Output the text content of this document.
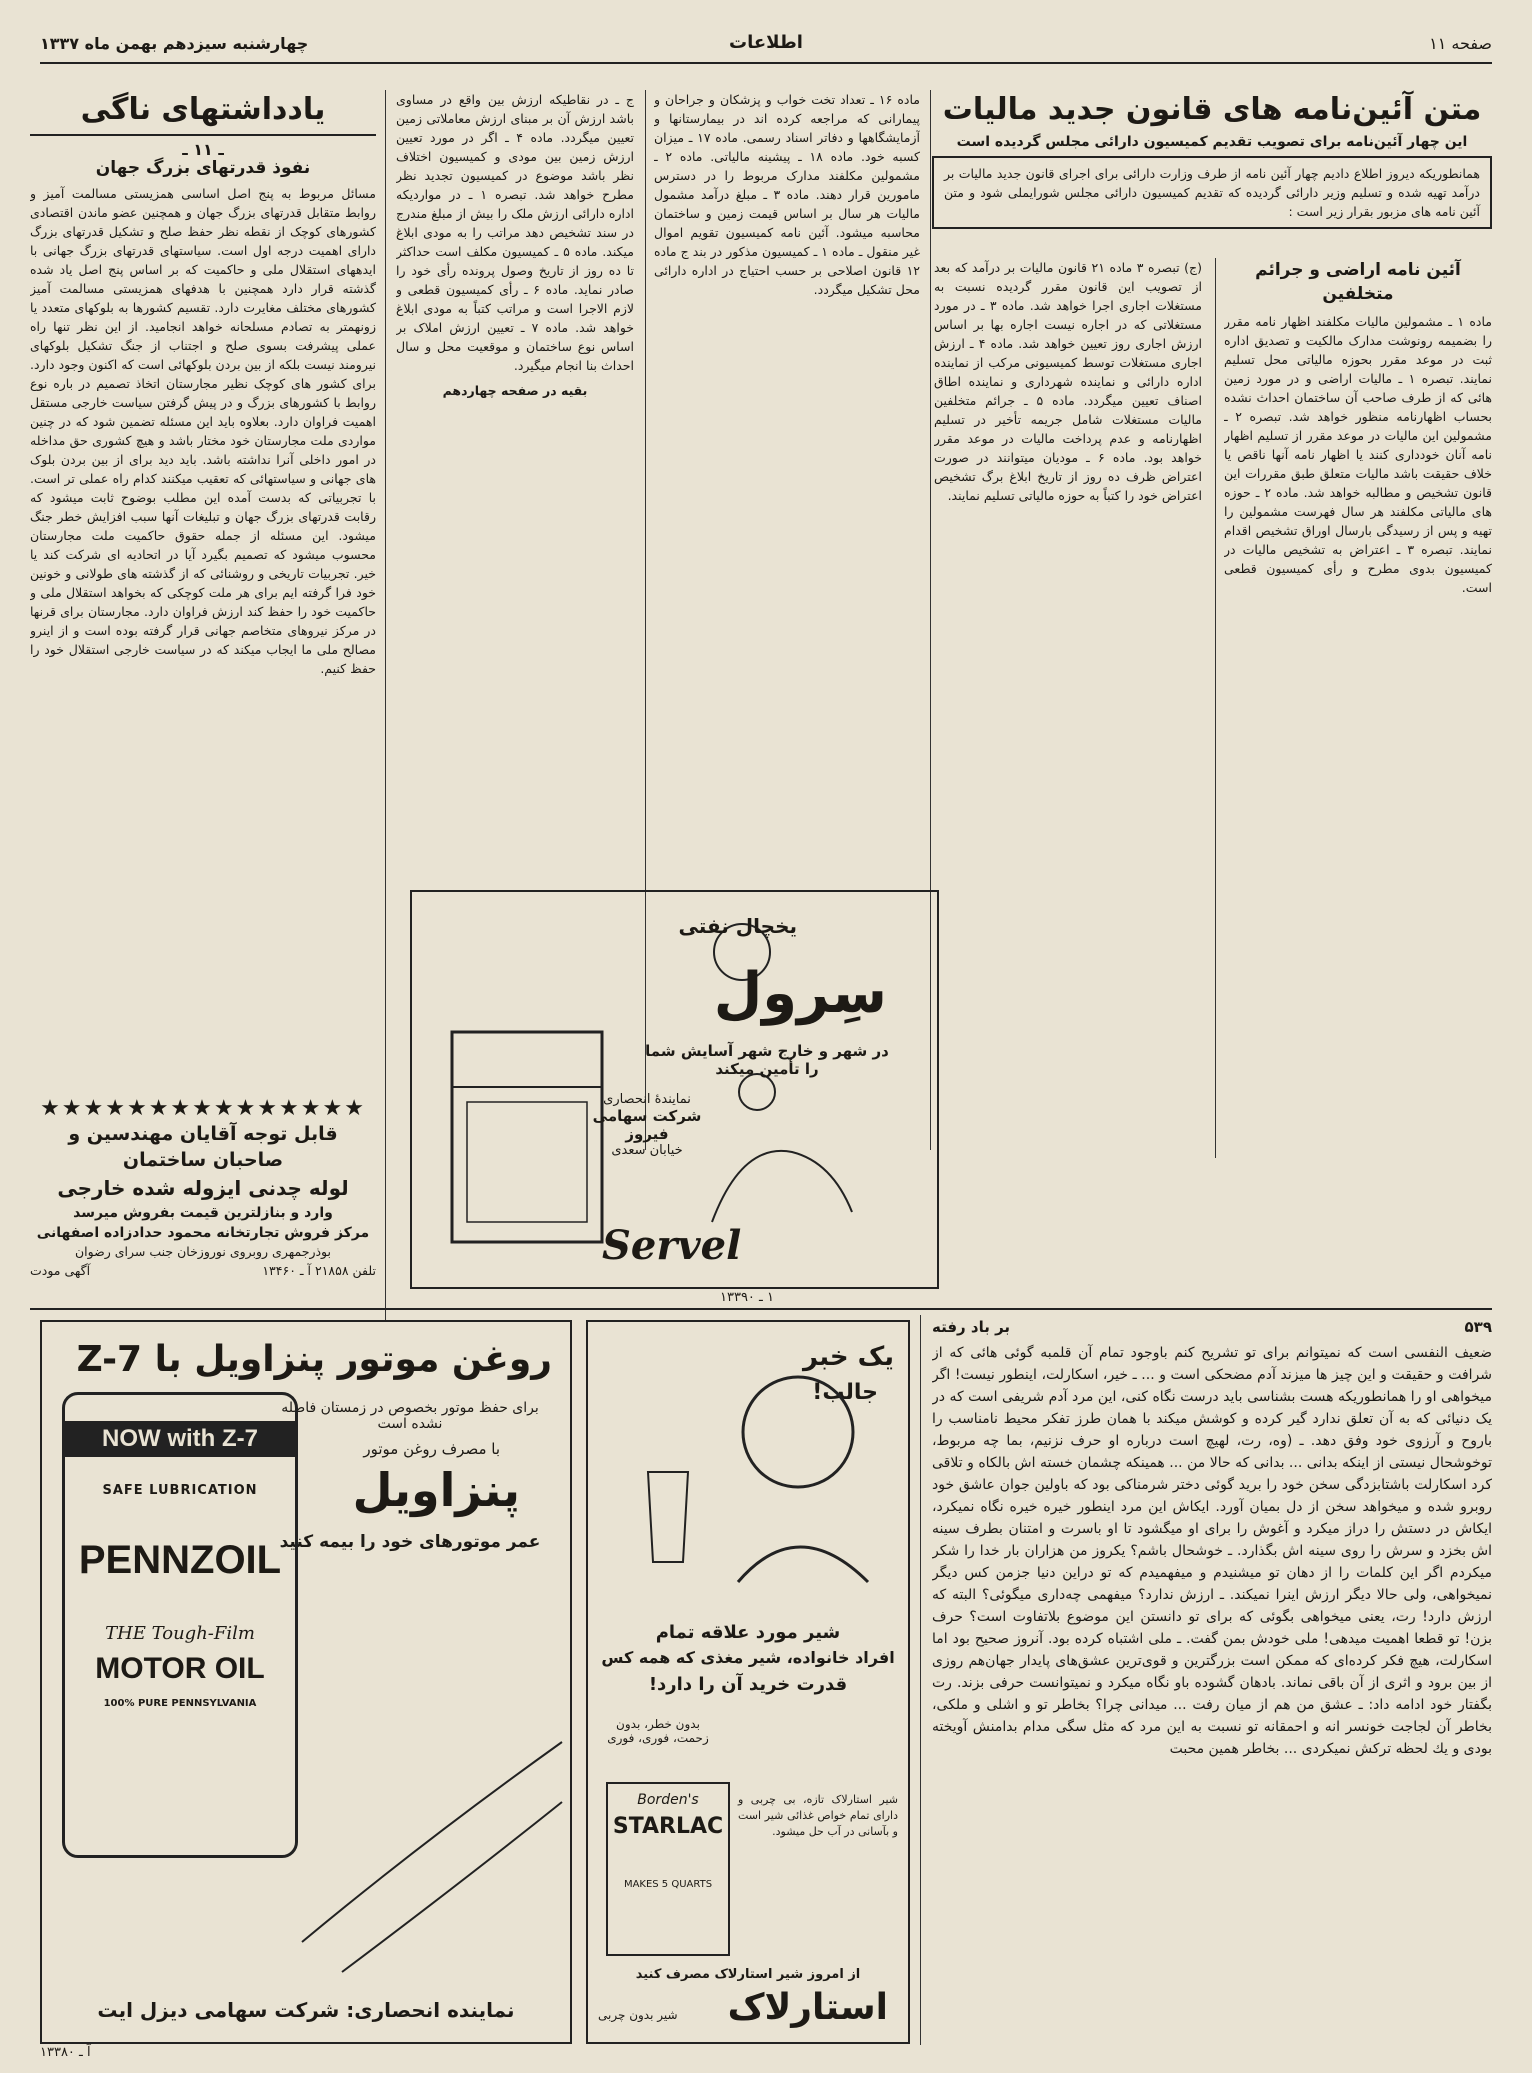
صفحه ۱۱
اطلاعات
چهارشنبه سیزدهم بهمن ماه ۱۳۳۷
متن آئین‌نامه های قانون جدید مالیات
این چهار آئین‌نامه برای تصویب تقدیم کمیسیون دارائی مجلس گردیده است
همانطوریکه دیروز اطلاع دادیم چهار آئین نامه از طرف وزارت دارائی برای اجرای قانون جدید مالیات بر درآمد تهیه شده و تسلیم وزیر دارائی گردیده که تقدیم کمیسیون دارائی مجلس شورایملی شود و متن آئین نامه های مزبور بقرار زیر است :
آئین نامه اراضی و جرائم متخلفین

ماده ۱ ـ مشمولین مالیات مکلفند اظهار نامه مقرر را بضمیمه رونوشت مدارک مالکیت و تصدیق اداره ثبت در موعد مقرر بحوزه مالیاتی محل تسلیم نمایند. تبصره ۱ ـ مالیات اراضی و در مورد زمین هائی که از طرف صاحب آن ساختمان احداث نشده بحساب اظهارنامه منظور خواهد شد. تبصره ۲ ـ مشمولین این مالیات در موعد مقرر از تسلیم اظهار نامه آنان خودداری کنند یا اظهار نامه آنها ناقص یا خلاف حقیقت باشد مالیات متعلق طبق مقررات این قانون تشخیص و مطالبه خواهد شد. ماده ۲ ـ حوزه های مالیاتی مکلفند هر سال فهرست مشمولین را تهیه و پس از رسیدگی بارسال اوراق تشخیص اقدام نمایند. تبصره ۳ ـ اعتراض به تشخیص مالیات در کمیسیون بدوی مطرح و رأی کمیسیون قطعی است.

(ج) تبصره ۳ ماده ۲۱ قانون مالیات بر درآمد که بعد از تصویب این قانون مقرر گردیده نسبت به مستغلات اجاری اجرا خواهد شد. ماده ۳ ـ در مورد مستغلاتی که در اجاره نیست اجاره بها بر اساس ارزش اجاری روز تعیین خواهد شد. ماده ۴ ـ ارزش اجاری مستغلات توسط کمیسیونی مرکب از نماینده اداره دارائی و نماینده شهرداری و نماینده اطاق اصناف تعیین میگردد. ماده ۵ ـ جرائم متخلفین مالیات مستغلات شامل جریمه تأخیر در تسلیم اظهارنامه و عدم پرداخت مالیات در موعد مقرر خواهد بود. ماده ۶ ـ مودیان میتوانند در صورت اعتراض ظرف ده روز از تاریخ ابلاغ برگ تشخیص اعتراض خود را کتباً به حوزه مالیاتی تسلیم نمایند.

ماده ۱۶ ـ تعداد تخت خواب و پزشکان و جراحان و پیمارانی که مراجعه کرده اند در بیمارستانها و آزمایشگاهها و دفاتر اسناد رسمی. ماده ۱۷ ـ میزان کسبه خود. ماده ۱۸ ـ پیشینه مالیاتی. ماده ۲ ـ مشمولین مکلفند مدارک مربوط را در دسترس مامورین قرار دهند. ماده ۳ ـ مبلغ درآمد مشمول مالیات هر سال بر اساس قیمت زمین و ساختمان محاسبه میشود. آئین نامه کمیسیون تقویم اموال غیر منقول ـ ماده ۱ ـ کمیسیون مذکور در بند ج ماده ۱۲ قانون اصلاحی بر حسب احتیاج در اداره دارائی محل تشکیل میگردد.

ج ـ در نقاطیکه ارزش بین واقع در مساوی باشد ارزش آن بر مبنای ارزش معاملاتی زمین تعیین میگردد. ماده ۴ ـ اگر در مورد تعیین ارزش زمین بین مودی و کمیسیون اختلاف نظر باشد موضوع در کمیسیون تجدید نظر مطرح خواهد شد. تبصره ۱ ـ در مواردیکه اداره دارائی ارزش ملک را بیش از مبلغ مندرج در سند تشخیص دهد مراتب را به مودی ابلاغ میکند. ماده ۵ ـ کمیسیون مکلف است حداکثر تا ده روز از تاریخ وصول پرونده رأی خود را صادر نماید. ماده ۶ ـ رأی کمیسیون قطعی و لازم الاجرا است و مراتب کتباً به مودی ابلاغ خواهد شد. ماده ۷ ـ تعیین ارزش املاک بر اساس نوع ساختمان و موقعیت محل و سال احداث بنا انجام میگیرد.

بقیه در صفحه چهاردهم
یادداشتهای ناگی
ـ ۱۱ ـ
نفوذ قدرتهای بزرگ جهان

مسائل مربوط به پنج اصل اساسی همزیستی مسالمت آمیز و روابط متقابل قدرتهای بزرگ جهان و همچنین عضو ماندن اقتصادی کشورهای کوچک از نقطه نظر حفظ صلح و تشکیل قدرتهای بزرگ دارای اهمیت درجه اول است. سیاستهای قدرتهای بزرگ جهانی با ایدههای استقلال ملی و حاکمیت که بر اساس پنج اصل یاد شده گذشته قرار دارد همچنین با هدفهای همزیستی مسالمت آمیز کشورهای مختلف مغایرت دارد. تقسیم کشورها به بلوکهای متعدد یا زونهمتر به تصادم مسلحانه خواهد انجامید. از این نظر تنها راه عملی پیشرفت بسوی صلح و اجتناب از جنگ تشکیل بلوکهای نیرومند نیست بلکه از بین بردن بلوکهائی است که اکنون وجود دارد. برای کشور های کوچک نظیر مجارستان اتخاذ تصمیم در باره نوع روابط با کشورهای بزرگ و در پیش گرفتن سیاست خارجی مستقل اهمیت فراوان دارد. بعلاوه باید این مسئله تضمین شود که در چنین مواردی ملت مجارستان خود مختار باشد و هیچ کشوری حق مداخله در امور داخلی آنرا نداشته باشد. باید دید برای از بین بردن بلوک های جهانی و سیاستهائی که تعقیب میکنند کدام راه عملی تر است. با تجربیاتی که بدست آمده این مطلب بوضوح ثابت میشود که رقابت قدرتهای بزرگ جهان و تبلیغات آنها سبب افزایش خطر جنگ میشود. این مسئله از جمله حقوق حاکمیت ملت مجارستان محسوب میشود که تصمیم بگیرد آیا در اتحادیه ای شرکت کند یا خیر. تجربیات تاریخی و روشنائی که از گذشته های طولانی و خونین خود فرا گرفته ایم برای هر ملت کوچکی که بخواهد استقلال ملی و حاکمیت خود را حفظ کند ارزش فراوان دارد. مجارستان برای قرنها در مرکز نیروهای متخاصم جهانی قرار گرفته بوده است و از اینرو مصالح ملی ما ایجاب میکند که در سیاست خارجی استقلال خود را حفظ کنیم.

★★★★★★★★★★★★★★★
قابل توجه آقایان مهندسین و
صاحبان ساختمان
لوله چدنی ایزوله شده خارجی
وارد و بنازلترین قیمت بفروش میرسد
مرکز فروش تجارتخانه محمود حدادزاده اصفهانی
بوذرجمهری روبروی نوروزخان جنب سرای رضوان
تلفن ۲۱۸۵۸ آ ـ ۱۳۴۶۰
آگهی مودت
یخچال نفتی
سِرول
در شهر و خارج شهر آسایش شما را تأمین میکند
نمایندۀ انحصاری
شرکت سهامی فیروز
خیابان سعدی
Servel
۱ ـ ۱۳۳۹۰
۵۳۹
بر باد رفته

ضعیف النفسی است که نمیتوانم برای تو تشریح کنم باوجود تمام آن قلمبه گوئی هائی که از شرافت و حقیقت و این چیز ها میزند آدم مضحکی است و ... ـ خیر، اسکارلت، اینطور نیست! اگر میخواهی او را همانطوریکه هست بشناسی باید درست نگاه کنی، این مرد آدم شریفی است که در یک دنیائی که به آن تعلق ندارد گیر کرده و کوشش میکند با همان طرز تفکر محیط نامناسب را باروح و آرزوی خود وفق دهد. ـ (وه، رت، لهیچ است درباره او حرف نزنیم، بما چه مربوط، توخوشحال نیستی از اینکه بدانی ... بدانی که حالا من ... همینکه چشمان خسته اش بالکاه و تلاقی کرد اسکارلت باشتابزدگی سخن خود را برید گوئی دختر شرمناکی بود که باولین جوان عاشق خود روبرو شده و میخواهد سخن از دل بمیان آورد. ایکاش این مرد اینطور خیره خیره نگاه نمیکرد، ایکاش در دستش را دراز میکرد و آغوش را برای او میگشود تا او باسرت و امتنان بطرف سینه اش بخزد و سرش را روی سینه اش بگذارد. ـ خوشحال باشم؟ یکروز من هزاران بار خدا را شکر میکردم اگر این کلمات را از دهان تو میشنیدم و میفهمیدم که تو دراین دنیا جزمن کس دیگر نمیخواهی، ولی حالا دیگر ارزش اینرا نمیکند. ـ ارزش ندارد؟ میفهمی چه‌داری میگوئی؟ البته که ارزش دارد! رت، یعنی میخواهی بگوئی که برای تو دانستن این موضوع بلاتفاوت است؟ حرف بزن! تو قطعا اهمیت میدهی! ملی خودش بمن گفت. ـ ملی اشتباه کرده بود. آنروز صحیح بود اما اسکارلت، هیچ فکر کرده‌ای که ممکن است بزرگترین و قوی‌ترین عشق‌های پایدار جهان‌هم روزی از بین برود و اثری از آن باقی نماند. بادهان گشوده باو نگاه میکرد و نمیتوانست حرفی بزند. رت بگفتار خود ادامه داد: ـ عشق من هم از میان رفت ... میدانی چرا؟ بخاطر تو و اشلی و ملکی، بخاطر آن لجاجت خونسر انه و احمقانه تو نسبت به این مرد که مثل سگی مدام بدامنش آویخته بودی و یك لحظه ترکش نمیکردی ... بخاطر همین محبت

روغن موتور پنزاویل با Z-7
برای حفظ موتور بخصوص در زمستان فاصله نشده است
با مصرف روغن موتور
پنزاویل
عمر موتورهای خود را بیمه کنید
NOW with Z-7
SAFE LUBRICATION
PENNZOIL
THE Tough-Film
MOTOR OIL
100% PURE PENNSYLVANIA
نماینده انحصاری: شرکت سهامی دیزل ایت
آ ـ ۱۳۳۸۰
یک خبر
جالب!
شیر مورد علاقه تمام
افراد خانواده، شیر مغذی که همه کس
قدرت خرید آن را دارد!
بدون خطر، بدون زحمت، فوری، فوری
شیر استارلاک تازه، بی چربی و دارای تمام خواص غذائی شیر است و بآسانی در آب حل میشود.
Borden's
STARLAC
MAKES 5 QUARTS
از امروز شیر استارلاک مصرف کنید
استارلاک
شیر بدون چربی
